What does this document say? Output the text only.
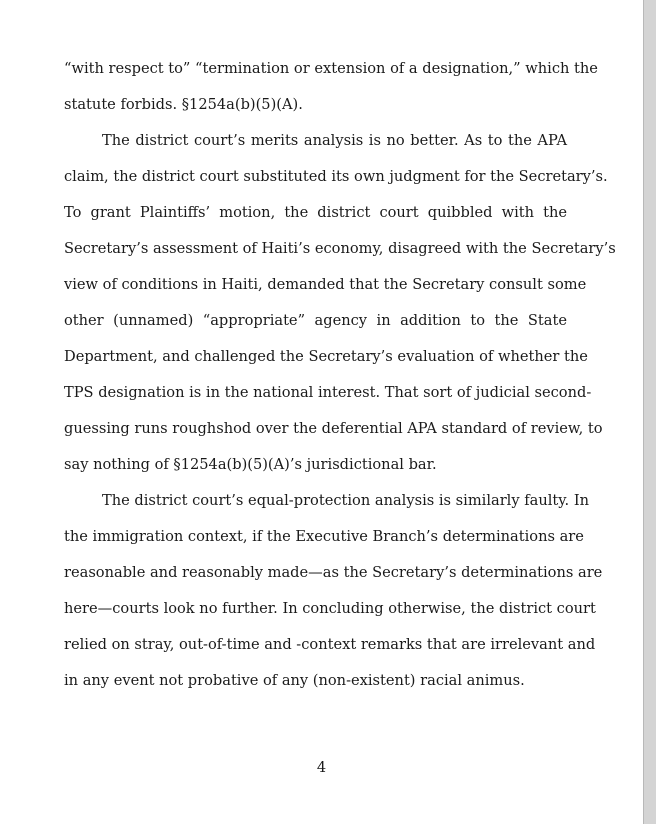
“with respect to” “termination or extension of a designation,” which the

statute forbids. §1254a(b)(5)(A).

The district court’s merits analysis is no better. As to the APA

claim, the district court substituted its own judgment for the Secretary’s.

To grant Plaintiffs’ motion, the district court quibbled with the

Secretary’s assessment of Haiti’s economy, disagreed with the Secretary’s

view of conditions in Haiti, demanded that the Secretary consult some

other (unnamed) “appropriate” agency in addition to the State

Department, and challenged the Secretary’s evaluation of whether the

TPS designation is in the national interest. That sort of judicial second-

guessing runs roughshod over the deferential APA standard of review, to

say nothing of §1254a(b)(5)(A)’s jurisdictional bar.

The district court’s equal-protection analysis is similarly faulty. In

the immigration context, if the Executive Branch’s determinations are

reasonable and reasonably made—as the Secretary’s determinations are

here—courts look no further. In concluding otherwise, the district court

relied on stray, out-of-time and -context remarks that are irrelevant and

in any event not probative of any (non-existent) racial animus.

4
